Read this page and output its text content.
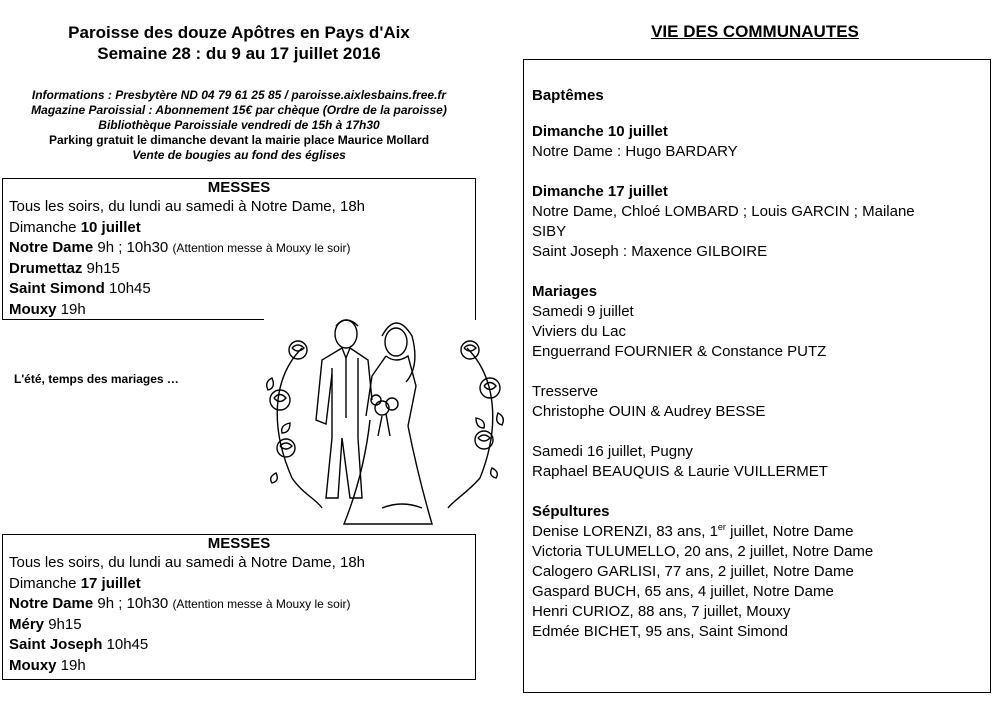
Paroisse des douze Apôtres en Pays d'Aix
Semaine 28 : du 9 au 17 juillet 2016
Informations : Presbytère ND 04 79 61 25 85 / paroisse.aixlesbains.free.fr
Magazine Paroissial : Abonnement 15€ par chèque (Ordre de la paroisse)
Bibliothèque Paroissiale vendredi de 15h à 17h30
Parking gratuit le dimanche devant la mairie place Maurice Mollard
Vente de bougies au fond des églises
MESSES
Tous les soirs, du lundi au samedi à Notre Dame, 18h
Dimanche 10 juillet
Notre Dame 9h ; 10h30 (Attention messe à Mouxy le soir)
Drumettaz 9h15
Saint Simond 10h45
Mouxy 19h
L'été, temps des mariages …
MESSES
Tous les soirs, du lundi au samedi à Notre Dame, 18h
Dimanche 17 juillet
Notre Dame 9h ; 10h30 (Attention messe à Mouxy le soir)
Méry 9h15
Saint Joseph 10h45
Mouxy 19h
VIE DES COMMUNAUTES
Baptêmes
Dimanche 10 juillet
Notre Dame : Hugo BARDARY
Dimanche 17 juillet
Notre Dame, Chloé LOMBARD ; Louis GARCIN ; Mailane
SIBY
Saint Joseph : Maxence GILBOIRE
Mariages
Samedi 9 juillet
Viviers du Lac
Enguerrand FOURNIER & Constance PUTZ
Tresserve
Christophe OUIN & Audrey BESSE
Samedi 16 juillet, Pugny
Raphael BEAUQUIS & Laurie VUILLERMET
Sépultures
Denise LORENZI, 83 ans, 1er juillet, Notre Dame
Victoria TULUMELLO, 20 ans, 2 juillet, Notre Dame
Calogero GARLISI, 77 ans, 2 juillet, Notre Dame
Gaspard BUCH, 65 ans, 4 juillet, Notre Dame
Henri CURIOZ, 88 ans, 7 juillet, Mouxy
Edmée BICHET, 95 ans, Saint Simond
